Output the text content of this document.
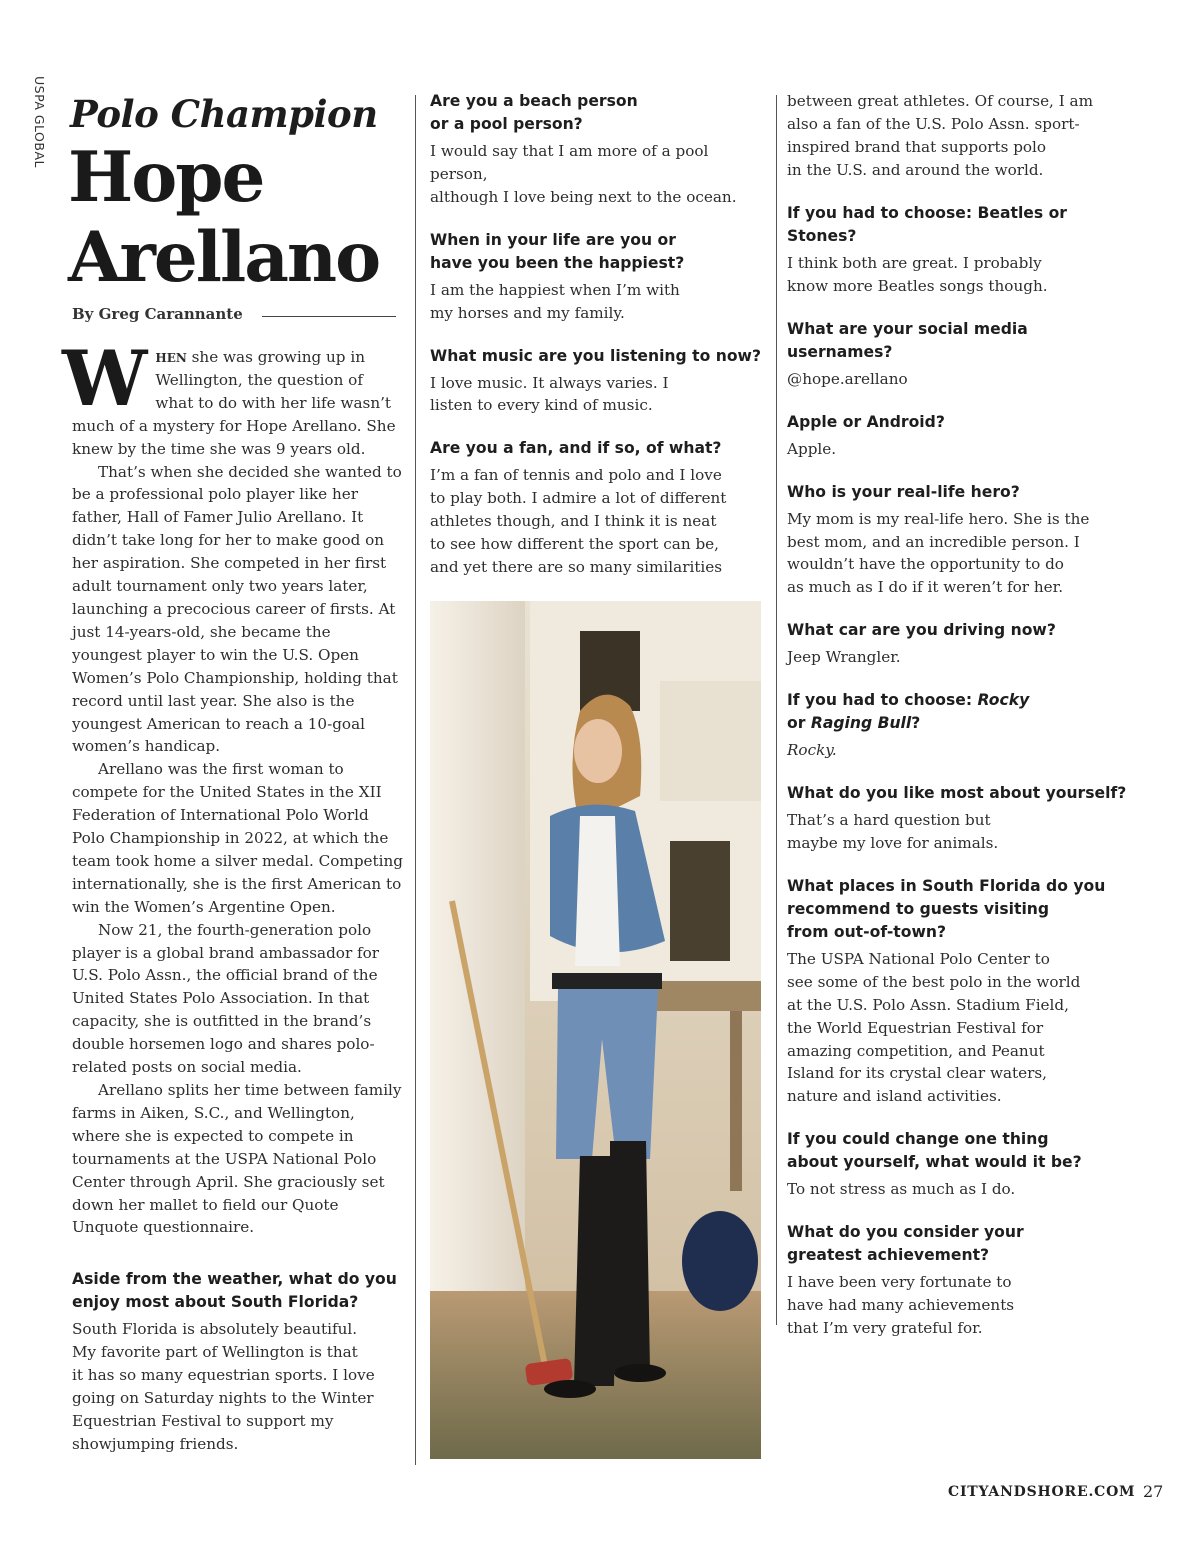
USPA GLOBAL Polo Champion
Hope
Arellano
By Greg Carannante

When she was growing up in Wellington, the question of what to do with her life wasn’t much of a mystery for Hope Arellano. She knew by the time she was 9 years old.

That’s when she decided she wanted to be a professional polo player like her father, Hall of Famer Julio Arellano. It didn’t take long for her to make good on her aspiration. She competed in her first adult tournament only two years later, launching a precocious career of firsts. At just 14-years-old, she became the youngest player to win the U.S. Open Women’s Polo Championship, holding that record until last year. She also is the youngest American to reach a 10-goal women’s handicap.

Arellano was the first woman to compete for the United States in the XII Federation of International Polo World Polo Championship in 2022, at which the team took home a silver medal. Competing internationally, she is the first American to win the Women’s Argentine Open.

Now 21, the fourth-generation polo player is a global brand ambassador for U.S. Polo Assn., the official brand of the United States Polo Association. In that capacity, she is outfitted in the brand’s double horsemen logo and shares polo-related posts on social media.

Arellano splits her time between family farms in Aiken, S.C., and Wellington, where she is expected to compete in tournaments at the USPA National Polo Center through April. She graciously set down her mallet to field our Quote Unquote questionnaire.

Aside from the weather, what do you
enjoy most about South Florida?

South Florida is absolutely beautiful.
My favorite part of Wellington is that
it has so many equestrian sports. I love
going on Saturday nights to the Winter
Equestrian Festival to support my
showjumping friends.

Are you a beach person
or a pool person?

I would say that I am more of a pool person,
although I love being next to the ocean.

When in your life are you or
have you been the happiest?

I am the happiest when I’m with
my horses and my family.

What music are you listening to now?

I love music. It always varies. I
listen to every kind of music.

Are you a fan, and if so, of what?

I’m a fan of tennis and polo and I love
to play both. I admire a lot of different
athletes though, and I think it is neat
to see how different the sport can be,
and yet there are so many similarities

between great athletes. Of course, I am
also a fan of the U.S. Polo Assn. sport-
inspired brand that supports polo
in the U.S. and around the world.

If you had to choose: Beatles or Stones?

I think both are great. I probably
know more Beatles songs though.

What are your social media usernames?

@hope.arellano

Apple or Android?

Apple.

Who is your real-life hero?

My mom is my real-life hero. She is the
best mom, and an incredible person. I
wouldn’t have the opportunity to do
as much as I do if it weren’t for her.

What car are you driving now?

Jeep Wrangler.

If you had to choose: Rocky
or Raging Bull?

Rocky.

What do you like most about yourself?

That’s a hard question but
maybe my love for animals.

What places in South Florida do you
recommend to guests visiting
from out-of-town?

The USPA National Polo Center to
see some of the best polo in the world
at the U.S. Polo Assn. Stadium Field,
the World Equestrian Festival for
amazing competition, and Peanut
Island for its crystal clear waters,
nature and island activities.

If you could change one thing
about yourself, what would it be?

To not stress as much as I do.

What do you consider your
greatest achievement?

I have been very fortunate to
have had many achievements
that I’m very grateful for.

CITYANDSHORE.COM 27
